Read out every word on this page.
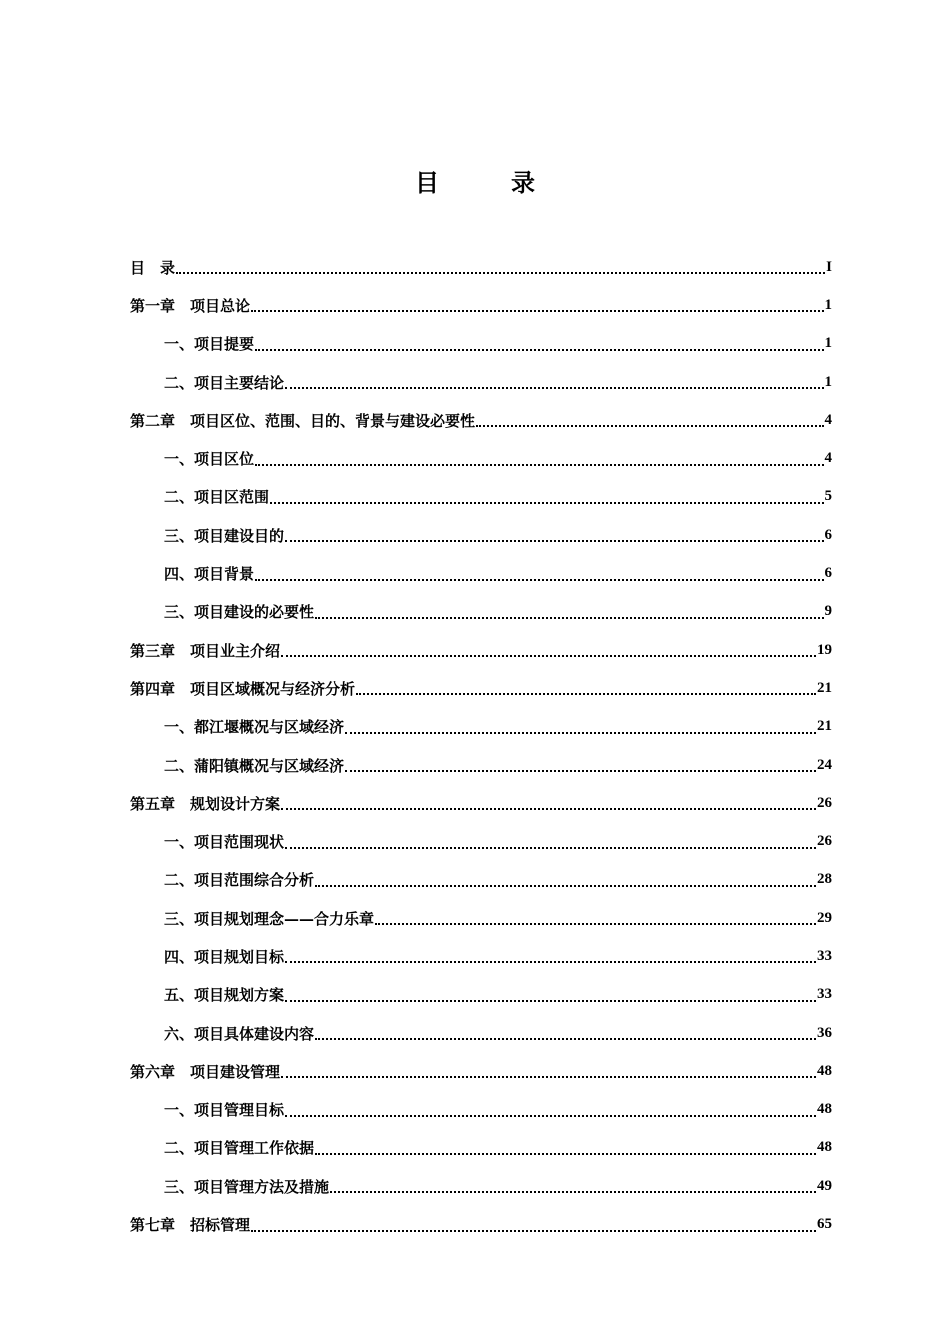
目　录
目　录	I
第一章　项目总论	1
一、项目提要	1
二、项目主要结论	1
第二章　项目区位、范围、目的、背景与建设必要性	4
一、项目区位	4
二、项目区范围	5
三、项目建设目的	6
四、项目背景	6
三、项目建设的必要性	9
第三章　项目业主介绍	19
第四章　项目区域概况与经济分析	21
一、都江堰概况与区域经济	21
二、蒲阳镇概况与区域经济	24
第五章　规划设计方案	26
一、项目范围现状	26
二、项目范围综合分析	28
三、项目规划理念——合力乐章	29
四、项目规划目标	33
五、项目规划方案	33
六、项目具体建设内容	36
第六章　项目建设管理	48
一、项目管理目标	48
二、项目管理工作依据	48
三、项目管理方法及措施	49
第七章　招标管理	65
